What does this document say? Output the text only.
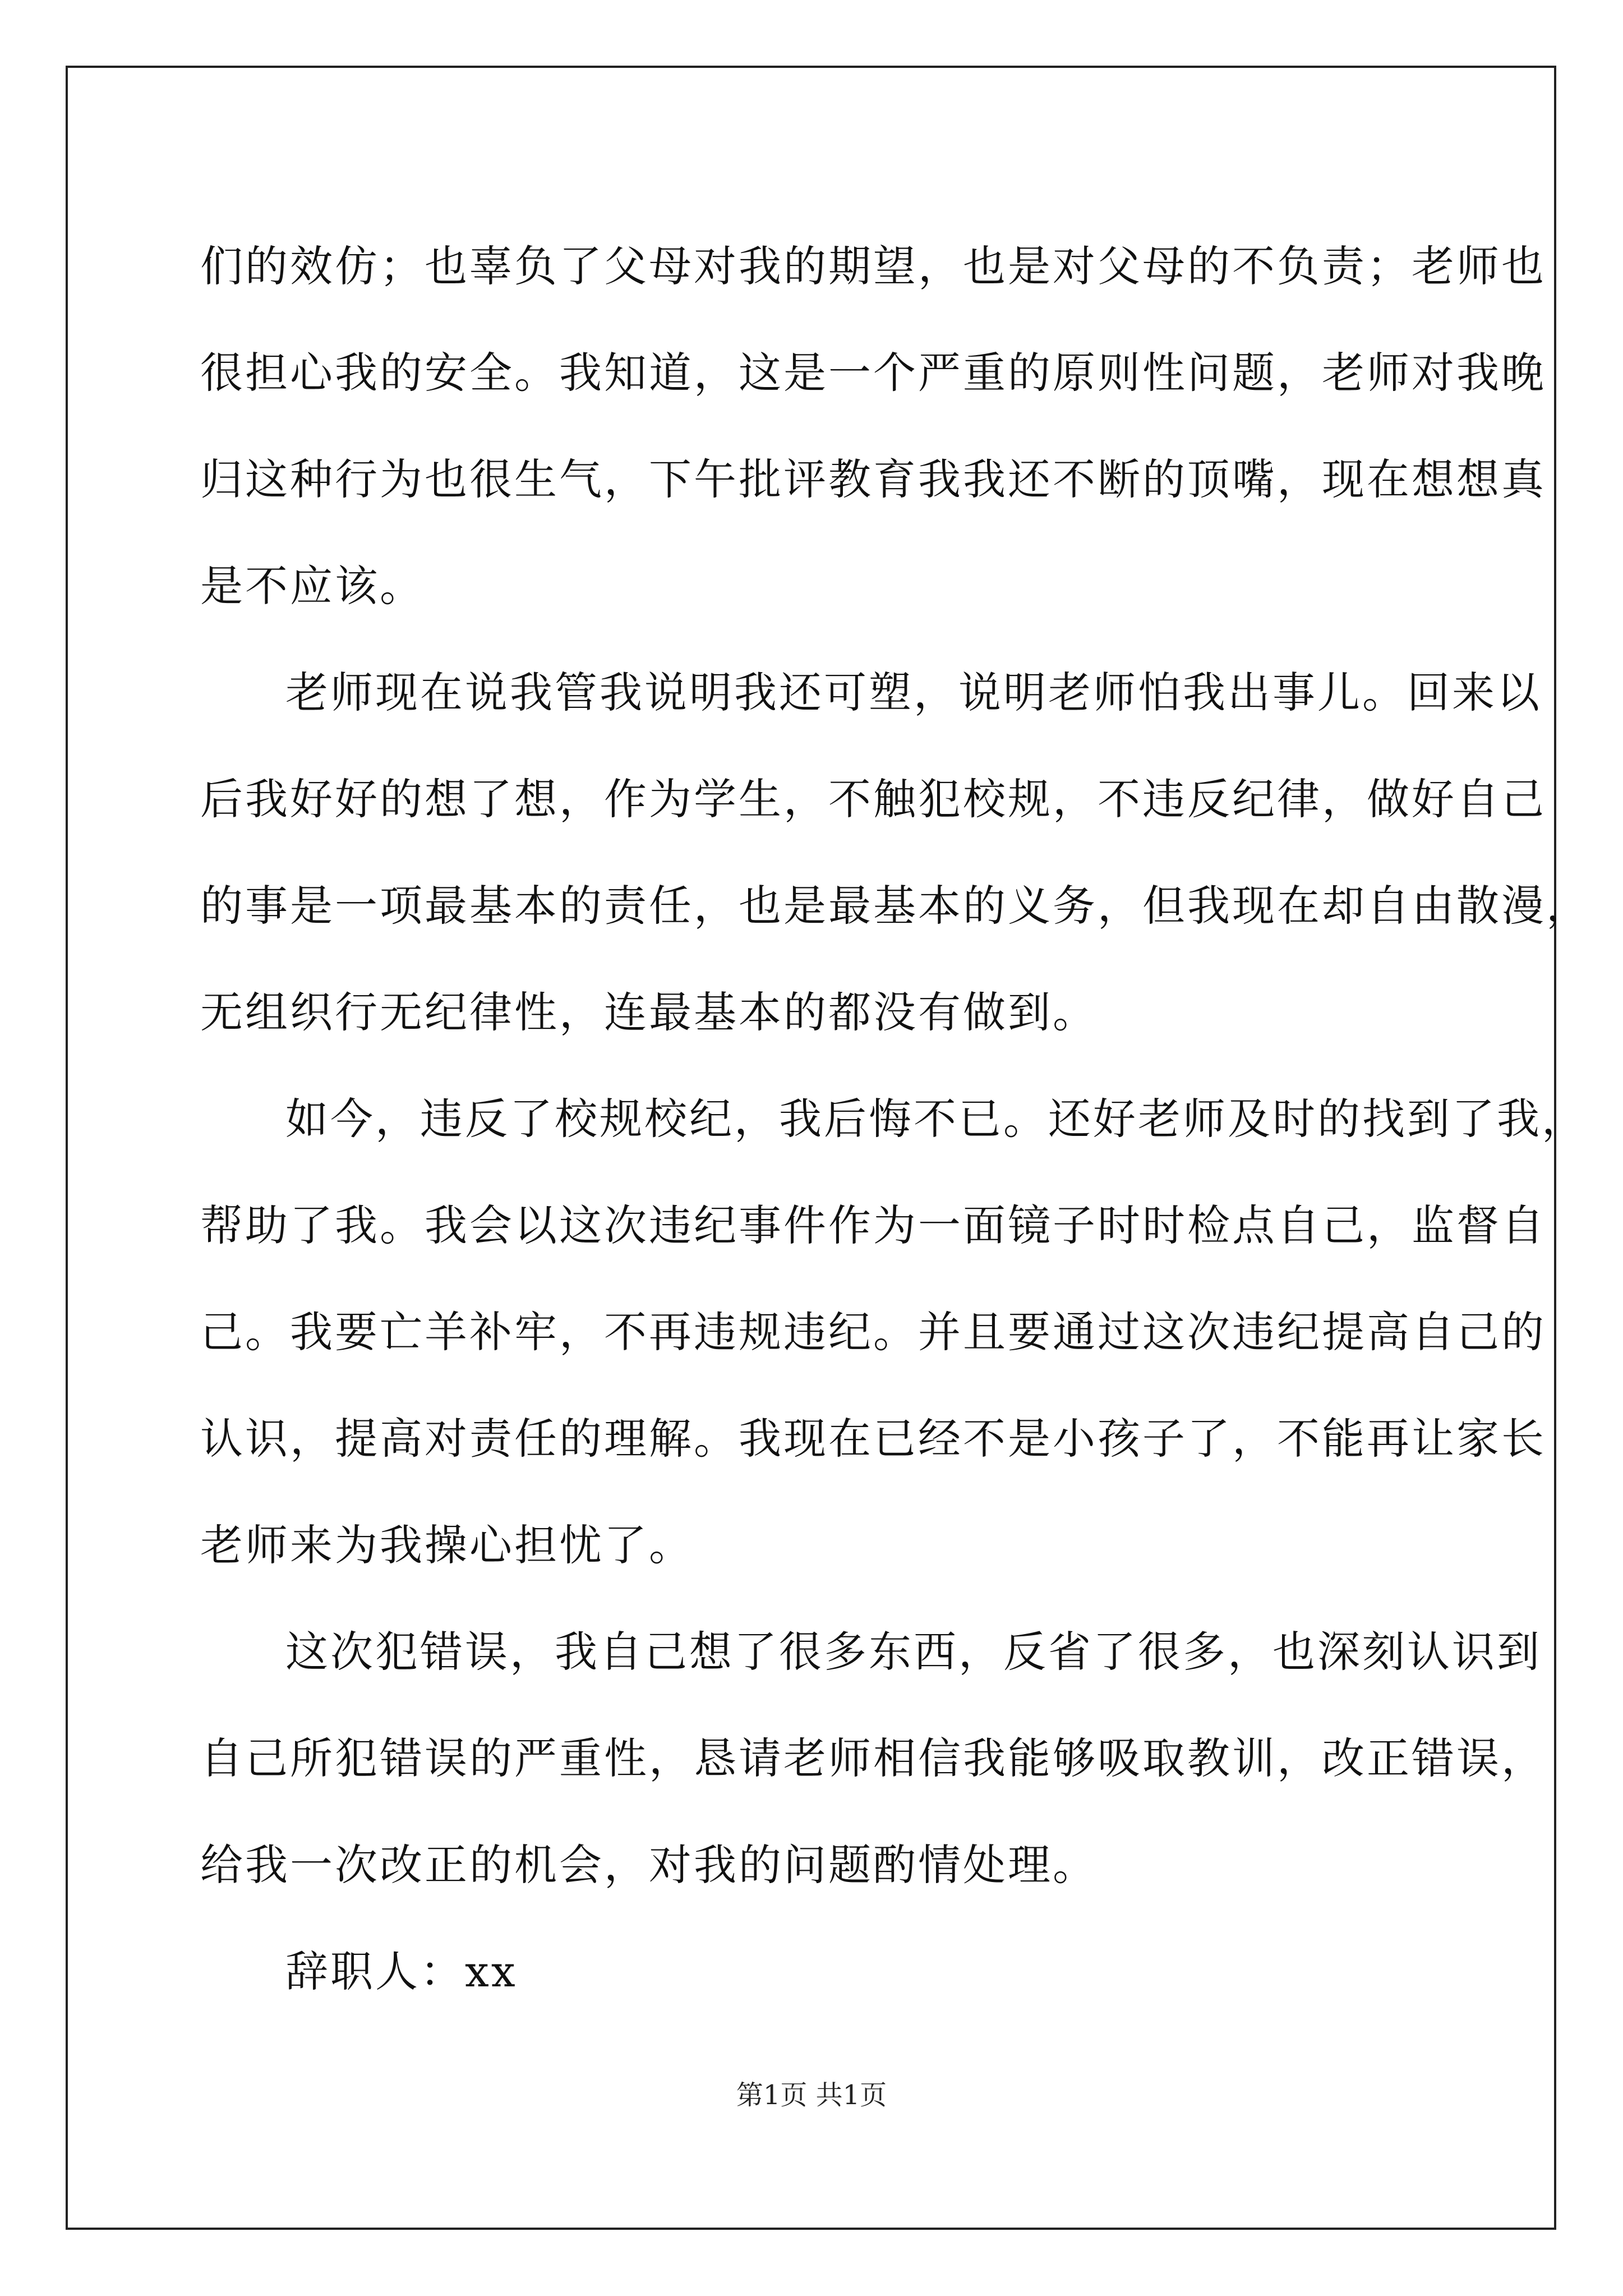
们的效仿；也辜负了父母对我的期望，也是对父母的不负责；老师也
很担心我的安全。我知道，这是一个严重的原则性问题，老师对我晚
归这种行为也很生气，下午批评教育我我还不断的顶嘴，现在想想真
是不应该。
老师现在说我管我说明我还可塑，说明老师怕我出事儿。回来以
后我好好的想了想，作为学生，不触犯校规，不违反纪律，做好自己
的事是一项最基本的责任，也是最基本的义务，但我现在却自由散漫，
无组织行无纪律性，连最基本的都没有做到。
如今，违反了校规校纪，我后悔不已。还好老师及时的找到了我，
帮助了我。我会以这次违纪事件作为一面镜子时时检点自己，监督自
己。我要亡羊补牢，不再违规违纪。并且要通过这次违纪提高自己的
认识，提高对责任的理解。我现在已经不是小孩子了，不能再让家长
老师来为我操心担忧了。
这次犯错误，我自己想了很多东西，反省了很多，也深刻认识到
自己所犯错误的严重性，恳请老师相信我能够吸取教训，改正错误，
给我一次改正的机会，对我的问题酌情处理。
辞职人：xx
第1页 共1页
